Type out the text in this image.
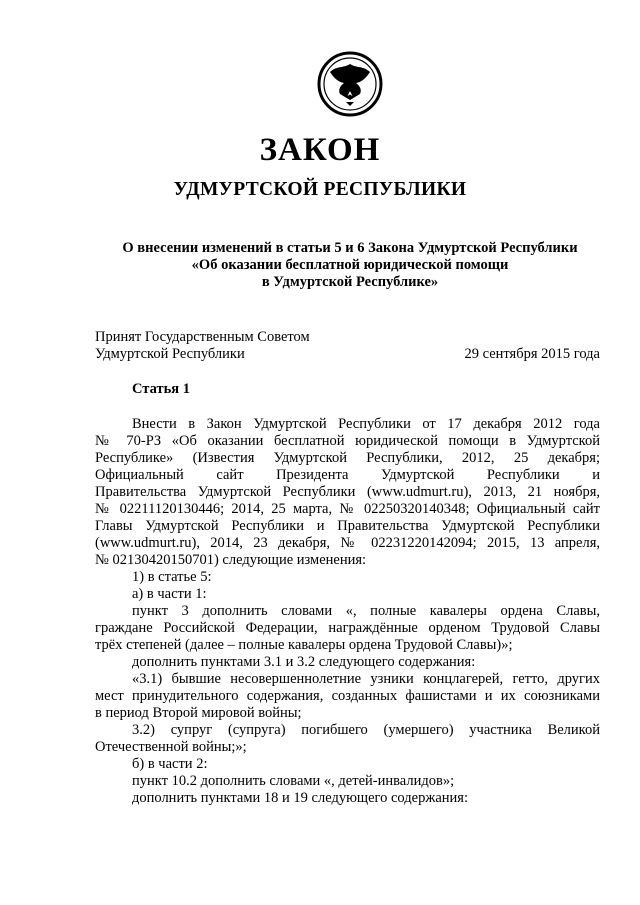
ЗАКОН
УДМУРТСКОЙ РЕСПУБЛИКИ
О внесении изменений в статьи 5 и 6 Закона Удмуртской Республики
«Об оказании бесплатной юридической помощи
в Удмуртской Республике»
Принят Государственным Советом
Удмуртской Республики	29 сентября 2015 года
Статья 1
Внести в Закон Удмуртской Республики от 17 декабря 2012 года
№ 70-РЗ «Об оказании бесплатной юридической помощи в Удмуртской
Республике» (Известия Удмуртской Республики, 2012, 25 декабря;
Официальный сайт Президента Удмуртской Республики и
Правительства Удмуртской Республики (www.udmurt.ru), 2013, 21 ноября,
№ 02211120130446; 2014, 25 марта, № 02250320140348; Официальный сайт
Главы Удмуртской Республики и Правительства Удмуртской Республики
(www.udmurt.ru), 2014, 23 декабря, № 02231220142094; 2015, 13 апреля,
№ 02130420150701) следующие изменения:
1) в статье 5:
а) в части 1:
пункт 3 дополнить словами «, полные кавалеры ордена Славы,
граждане Российской Федерации, награждённые орденом Трудовой Славы
трёх степеней (далее – полные кавалеры ордена Трудовой Славы)»;
дополнить пунктами 3.1 и 3.2 следующего содержания:
«3.1) бывшие несовершеннолетние узники концлагерей, гетто, других
мест принудительного содержания, созданных фашистами и их союзниками
в период Второй мировой войны;
3.2) супруг (супруга) погибшего (умершего) участника Великой
Отечественной войны;»;
б) в части 2:
пункт 10.2 дополнить словами «, детей-инвалидов»;
дополнить пунктами 18 и 19 следующего содержания:
